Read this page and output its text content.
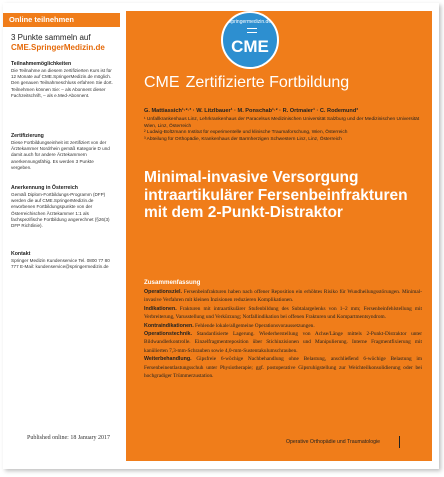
Online teilnehmen
3 Punkte sammeln auf
CME.SpringerMedizin.de
Teilnahmemöglichkeiten
Die Teilnahme an diesem zertifizierten Kurs ist für 12 Monate auf CME.SpringerMedizin.de möglich. Den genauen Teilnahmeschluss erfahren Sie dort. Teilnehmen können Sie: – als Abonnent dieser Fachzeitschrift, – als e.Med-Abonnent.
Zertifizierung
Diese Fortbildungseinheit ist zertifiziert von der Ärztekammer Nordrhein gemäß Kategorie D und damit auch für andere Ärztekammern anerkennungsfähig. Es werden 3 Punkte vergeben.
Anerkennung in Österreich
Gemäß Diplom-Fortbildungs-Programm (DFP) werden die auf CME.SpringerMedizin.de erworbenen Fortbildungspunkte von der Österreichischen Ärztekammer 1:1 als fachspezifische Fortbildung angerechnet (§26(3) DFP Richtlinie).
Kontakt
Springer Medizin Kundenservice Tel. 0800 77 80 777 E-Mail: kundenservice@springermedizin.de
Published online: 18 January 2017
springermedizin.de
CME
CME Zertifizierte Fortbildung
G. Mattiassich¹·²·³ · W. Litzlbauer¹ · M. Ponschab¹·² · R. Ortmaier¹ · C. Rodemund³
¹ Unfallkrankenhaus Linz, Lehrkrankenhaus der Paracelsus Medizinischen Universität Salzburg und der Medizinischen Universität Wien, Linz, Österreich
² Ludwig-Boltzmann Institut für experimentelle und klinische Traumaforschung, Wien, Österreich
³ Abteilung für Orthopädie, Krankenhaus der Barmherzigen Schwestern Linz, Linz, Österreich
Minimal-invasive Versorgung intraartikulärer Fersenbeinfrakturen mit dem 2-Punkt-Distraktor
Zusammenfassung
Operationsziel. Fersenbeinfrakturen haben nach offener Reposition ein erhöhtes Risiko für Wundheilungsstörungen. Minimal-invasive Verfahren mit kleinen Inzisionen reduzieren Komplikationen.
Indikationen. Frakturen mit intraartikulärer Stufenbildung des Subtalargelenks von 1–2 mm; Fersenbeinfehlstellung mit Verbreiterung, Varusstellung und Verkürzung; Notfallindikation bei offenen Frakturen und Kompartmentsyndrom.
Kontraindikationen. Fehlende lokale/allgemeine Operationsvoraussetzungen.
Operationstechnik. Standardisierte Lagerung. Wiederherstellung von Achse/Länge mittels 2-Punkt-Distraktor unter Bildwandlerkontrolle. Einzelfragmentreposition über Stichinzisionen und Manipulierung. Interne Fragmentfixierung mit kanülierten 7,3-mm-Schrauben sowie 4,0-mm-Sustentakulumschrauben.
Weiterbehandlung. Gipsfreie 6-wöchige Nachbehandlung ohne Belastung, anschließend 6-wöchige Belastung im Fersenbeinentlastungsschuh unter Physiotherapie; ggf. postoperative Gipsruhigstellung zur Weichteilkonsolidierung oder bei hochgradiger Trümmerzustation.
Operative Orthopädie und Traumatologie
